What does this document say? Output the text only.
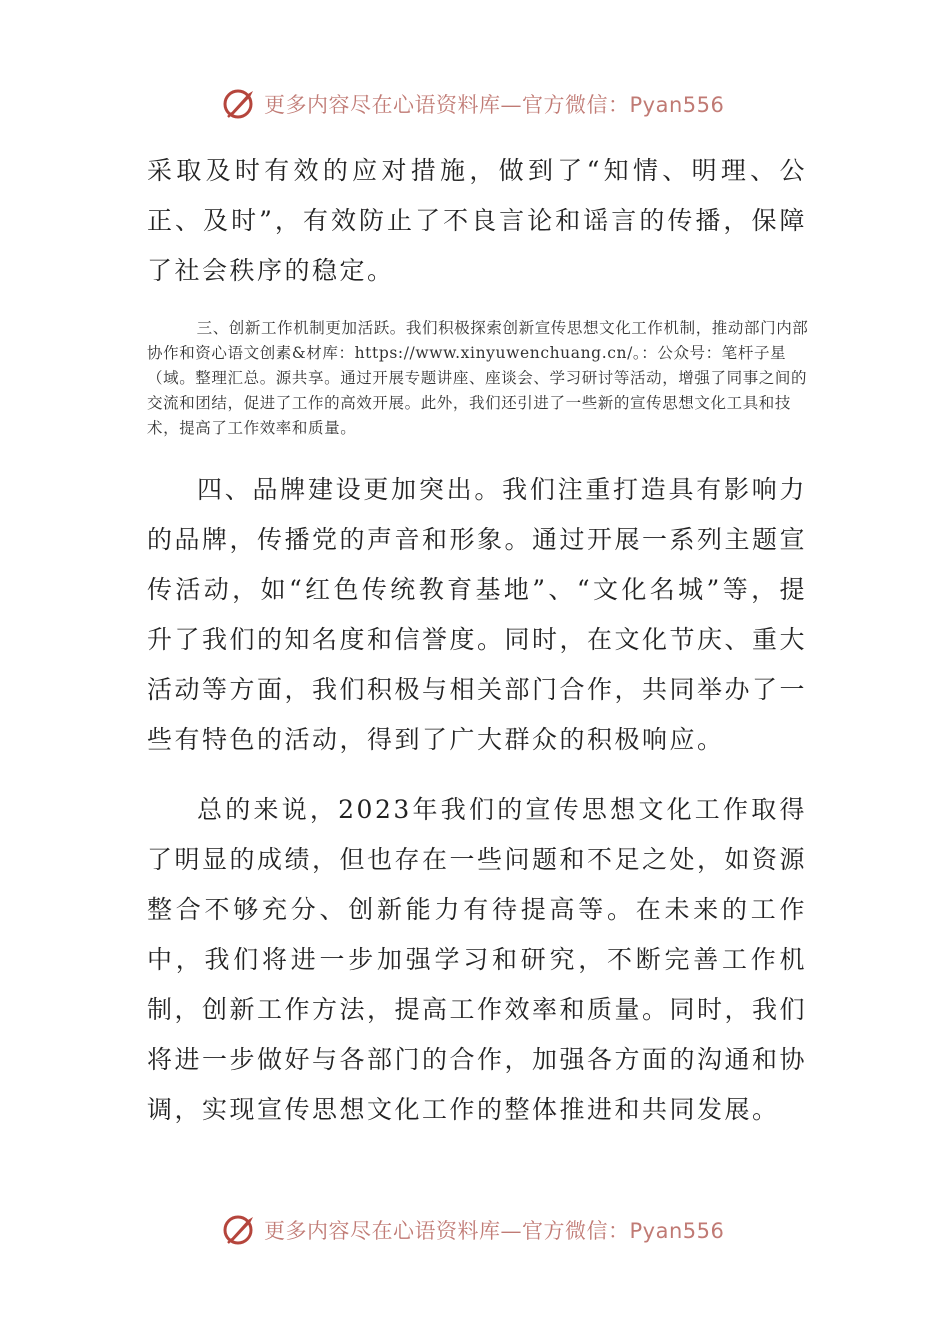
更多内容尽在心语资料库—官方微信：Pyan556

采取及时有效的应对措施，做到了“知情、明理、公正、及时”，有效防止了不良言论和谣言的传播，保障了社会秩序的稳定。

三、创新工作机制更加活跃。我们积极探索创新宣传思想文化工作机制，推动部门内部协作和资心语文创素&材库：https://www.xinyuwenchuang.cn/。：公众号：笔杆子星（域。整理汇总。源共享。通过开展专题讲座、座谈会、学习研讨等活动，增强了同事之间的交流和团结，促进了工作的高效开展。此外，我们还引进了一些新的宣传思想文化工具和技术，提高了工作效率和质量。

四、品牌建设更加突出。我们注重打造具有影响力的品牌，传播党的声音和形象。通过开展一系列主题宣传活动，如“红色传统教育基地”、“文化名城”等，提升了我们的知名度和信誉度。同时，在文化节庆、重大活动等方面，我们积极与相关部门合作，共同举办了一些有特色的活动，得到了广大群众的积极响应。

总的来说，2023年我们的宣传思想文化工作取得了明显的成绩，但也存在一些问题和不足之处，如资源整合不够充分、创新能力有待提高等。在未来的工作中，我们将进一步加强学习和研究，不断完善工作机制，创新工作方法，提高工作效率和质量。同时，我们将进一步做好与各部门的合作，加强各方面的沟通和协调，实现宣传思想文化工作的整体推进和共同发展。

更多内容尽在心语资料库—官方微信：Pyan556
